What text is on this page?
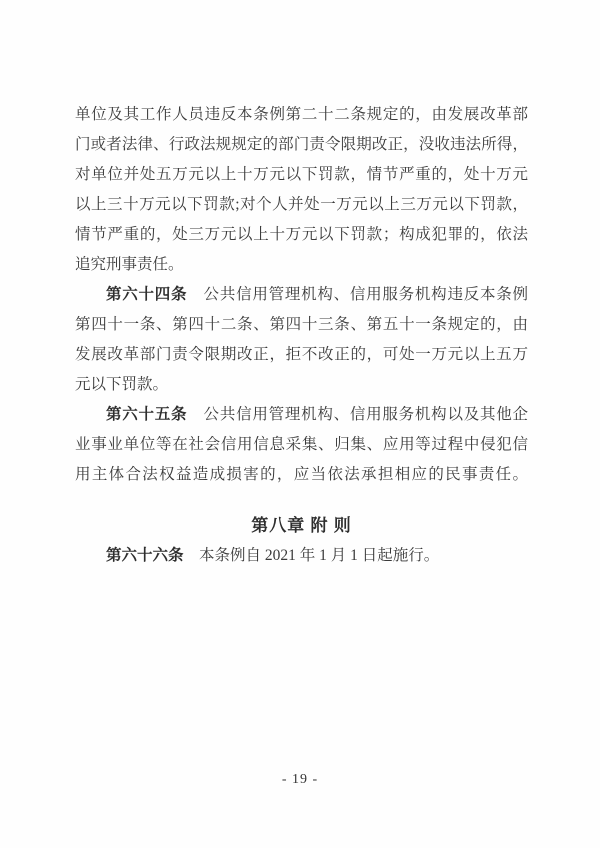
单位及其工作人员违反本条例第二十二条规定的，由发展改革部
门或者法律、行政法规规定的部门责令限期改正，没收违法所得，
对单位并处五万元以上十万元以下罚款，情节严重的，处十万元
以上三十万元以下罚款;对个人并处一万元以上三万元以下罚款，
情节严重的，处三万元以上十万元以下罚款；构成犯罪的，依法
追究刑事责任。
第六十四条　公共信用管理机构、信用服务机构违反本条例
第四十一条、第四十二条、第四十三条、第五十一条规定的，由
发展改革部门责令限期改正，拒不改正的，可处一万元以上五万
元以下罚款。
第六十五条　公共信用管理机构、信用服务机构以及其他企
业事业单位等在社会信用信息采集、归集、应用等过程中侵犯信
用主体合法权益造成损害的，应当依法承担相应的民事责任。
第八章 附 则
第六十六条　本条例自 2021 年 1 月 1 日起施行。
- 19 -
